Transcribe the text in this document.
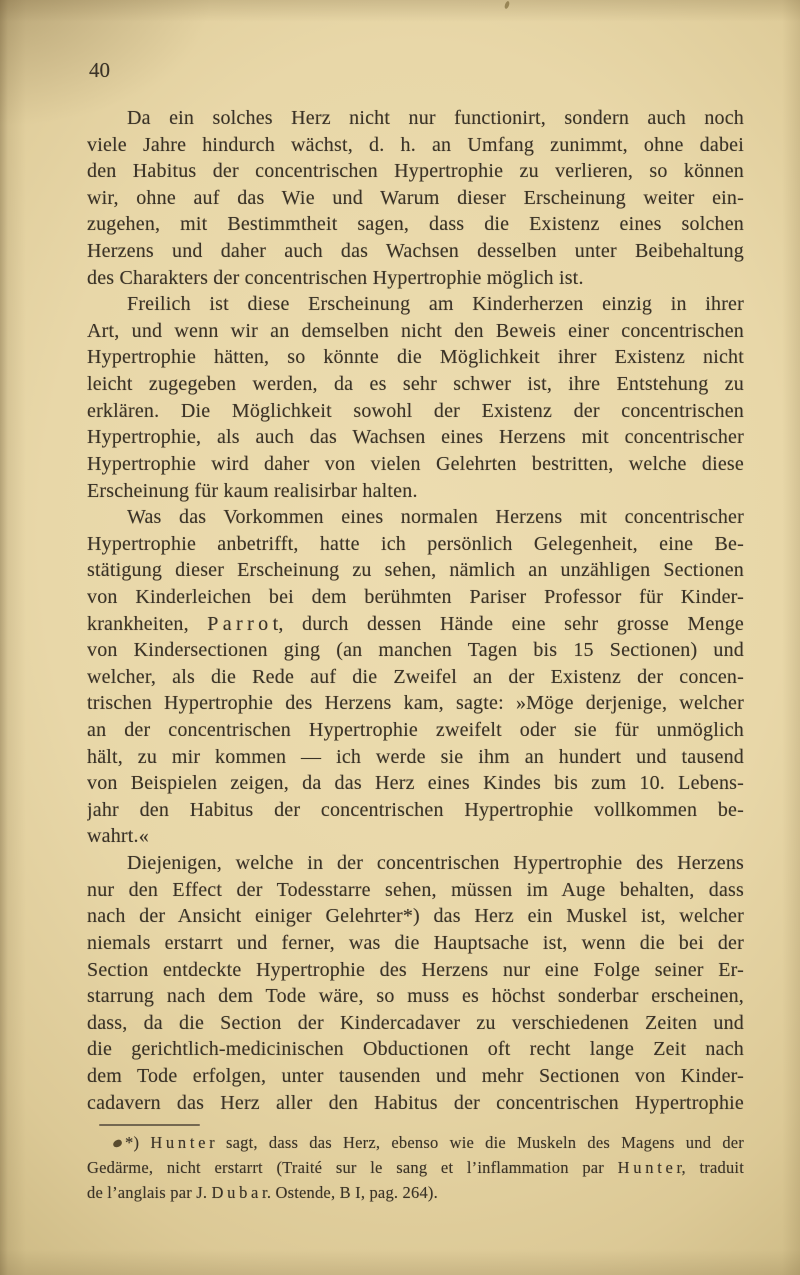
40
Da ein solches Herz nicht nur functionirt, sondern auch noch
viele Jahre hindurch wächst, d. h. an Umfang zunimmt, ohne dabei
den Habitus der concentrischen Hypertrophie zu verlieren, so können
wir, ohne auf das Wie und Warum dieser Erscheinung weiter ein-
zugehen, mit Bestimmtheit sagen, dass die Existenz eines solchen
Herzens und daher auch das Wachsen desselben unter Beibehaltung
des Charakters der concentrischen Hypertrophie möglich ist.
Freilich ist diese Erscheinung am Kinderherzen einzig in ihrer
Art, und wenn wir an demselben nicht den Beweis einer concentrischen
Hypertrophie hätten, so könnte die Möglichkeit ihrer Existenz nicht
leicht zugegeben werden, da es sehr schwer ist, ihre Entstehung zu
erklären. Die Möglichkeit sowohl der Existenz der concentrischen
Hypertrophie, als auch das Wachsen eines Herzens mit concentrischer
Hypertrophie wird daher von vielen Gelehrten bestritten, welche diese
Erscheinung für kaum realisirbar halten.
Was das Vorkommen eines normalen Herzens mit concentrischer
Hypertrophie anbetrifft, hatte ich persönlich Gelegenheit, eine Be-
stätigung dieser Erscheinung zu sehen, nämlich an unzähligen Sectionen
von Kinderleichen bei dem berühmten Pariser Professor für Kinder-
krankheiten, P a r r o t, durch dessen Hände eine sehr grosse Menge
von Kindersectionen ging (an manchen Tagen bis 15 Sectionen) und
welcher, als die Rede auf die Zweifel an der Existenz der concen-
trischen Hypertrophie des Herzens kam, sagte: »Möge derjenige, welcher
an der concentrischen Hypertrophie zweifelt oder sie für unmöglich
hält, zu mir kommen — ich werde sie ihm an hundert und tausend
von Beispielen zeigen, da das Herz eines Kindes bis zum 10. Lebens-
jahr den Habitus der concentrischen Hypertrophie vollkommen be-
wahrt.«
Diejenigen, welche in der concentrischen Hypertrophie des Herzens
nur den Effect der Todesstarre sehen, müssen im Auge behalten, dass
nach der Ansicht einiger Gelehrter*) das Herz ein Muskel ist, welcher
niemals erstarrt und ferner, was die Hauptsache ist, wenn die bei der
Section entdeckte Hypertrophie des Herzens nur eine Folge seiner Er-
starrung nach dem Tode wäre, so muss es höchst sonderbar erscheinen,
dass, da die Section der Kindercadaver zu verschiedenen Zeiten und
die gerichtlich-medicinischen Obductionen oft recht lange Zeit nach
dem Tode erfolgen, unter tausenden und mehr Sectionen von Kinder-
cadavern das Herz aller den Habitus der concentrischen Hypertrophie
*) H u n t e r sagt, dass das Herz, ebenso wie die Muskeln des Magens und der
Gedärme, nicht erstarrt (Traité sur le sang et l’inflammation par H u n t e r, traduit
de l’anglais par J. D u b a r. Ostende, B I, pag. 264).
